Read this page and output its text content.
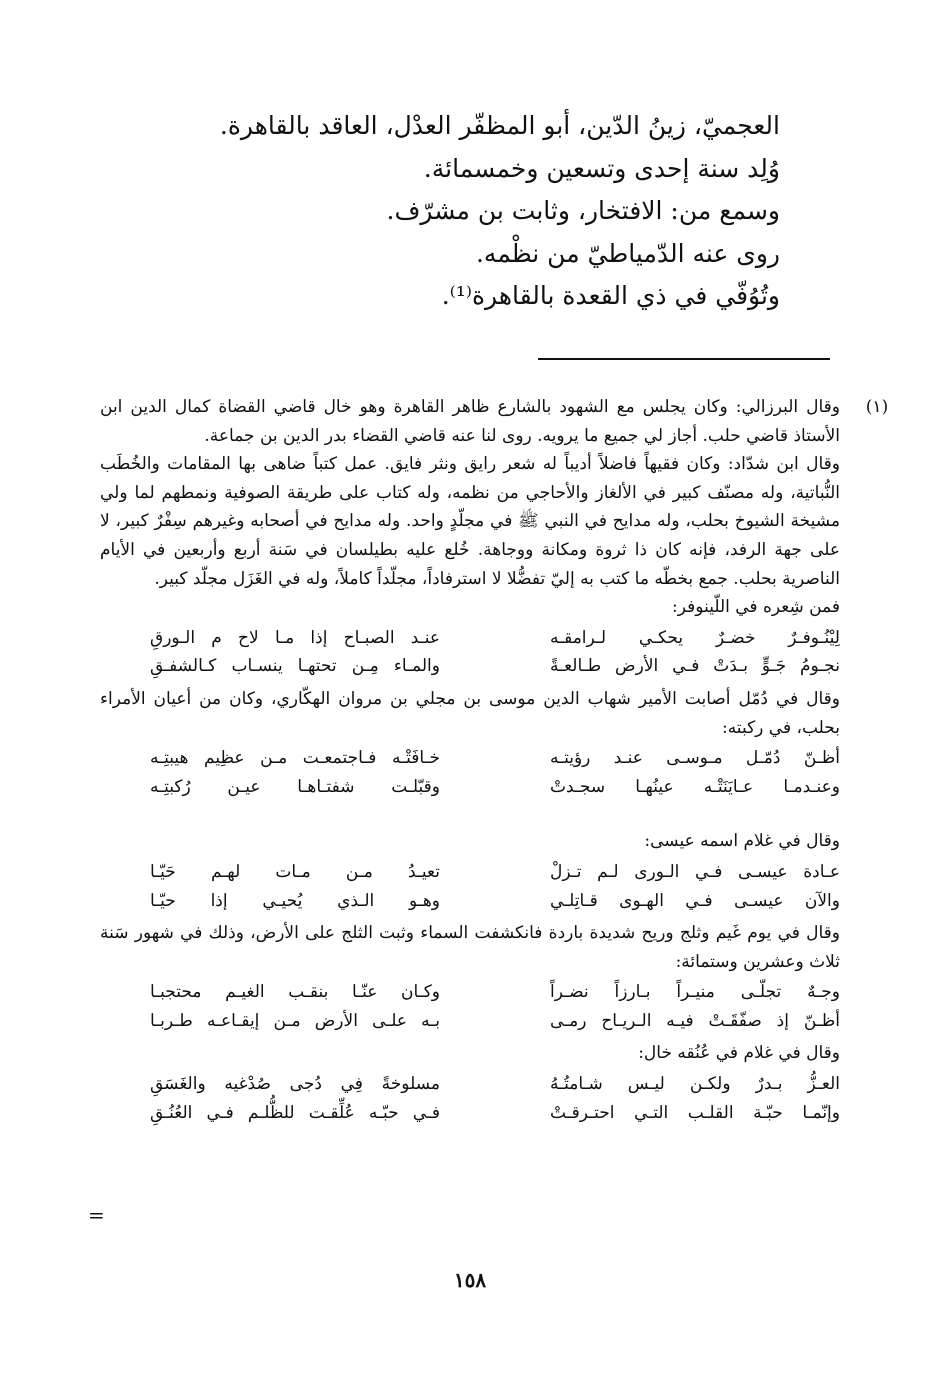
العجميّ، زينُ الدّين، أبو المظفّر العدْل، العاقد بالقاهرة.
وُلِد سنة إحدى وتسعين وخمسمائة.
وسمع من: الافتخار، وثابت بن مشرّف.
روى عنه الدّمياطيّ من نظْمه.
وتُوُفّي في ذي القعدة بالقاهرة⁽¹⁾.
(١)

وقال البرزالي: وكان يجلس مع الشهود بالشارع ظاهر القاهرة وهو خال قاضي القضاة كمال الدين ابن الأستاذ قاضي حلب. أجاز لي جميع ما يرويه. روى لنا عنه قاضي القضاء بدر الدين بن جماعة.

وقال ابن شدّاد: وكان فقيهاً فاضلاً أديباً له شعر رايق ونثر فايق. عمل كتباً ضاهى بها المقامات والخُطَب النُّباتية، وله مصنّف كبير في الألغاز والأحاجي من نظمه، وله كتاب على طريقة الصوفية ونمطهم لما ولي مشيخة الشيوخ بحلب، وله مدايح في النبي ﷺ في مجلّدٍ واحد. وله مدايح في أصحابه وغيرهم سِفْرٌ كبير، لا على جهة الرفد، فإنه كان ذا ثروة ومكانة ووجاهة. خُلع عليه بطيلسان في سَنة أربع وأربعين في الأيام الناصرية بحلب. جمع بخطّه ما كتب به إليّ تفضُّلا لا استرفاداً، مجلّداً كاملاً، وله في الغَزَل مجلّد كبير.

فمن شِعره في اللّينوفر:

لِيْنُـوفـرٌ خضـرٌ يحكـي لـرامقـه
عنـد الصبـاح إذا مـا لاح م الـورقِ
نجـومُ جَـوٍّ بـدَتْ فـي الأرض طـالعـةً
والمـاء مِـن تحتهـا ينسـاب كـالشفـقِ

وقال في دُمّل أصابت الأمير شهاب الدين موسى بن مجلي بن مروان الهكّاري، وكان من أعيان الأمراء بحلب، في ركبته:

أظـنّ دُمّـل مـوسـى عنـد رؤيتـه
خـافَتْـه فـاجتمعـت مـن عظِيم هيبتِـه
وعنـدمـا عـايَنَتْـه عينُهـا سجـدتْ
وقبّلـت شفتـاهـا عيـن رُكبتِـه

وقال في غلام اسمه عيسى:

عـادة عيسـى فـي الـورى لـم تـزلْ
تعيـدُ مـن مـات لهـم حَيّـا
والآن عيسـى فـي الهـوى قـاتِلـي
وهـو الـذي يُحيـي إذا حيّـا

وقال في يوم غَيم وثلج وريح شديدة باردة فانكشفت السماء وثبت الثلج على الأرض، وذلك في شهور سَنة ثلاث وعشرين وستمائة:

وجـهٌ تجلّـى منيـراً بـارزاً نضـراً
وكـان عنّـا بنقـب الغيـم محتجبـا
أظـنّ إذ صفّقَـتْ فيـه الـريـاح رمـى
بـه علـى الأرض مـن إيقـاعـه طـربـا

وقال في غلام في عُنُقه خال:

العـزُّ بـدرٌ ولكـن ليـس شـامتُـهُ
مسلوخةً فِي دُجى صُدْغيه والغَسَقِ
وإنّمـا حبّـة القلـب التـي احتـرقـتْ
فـي حبّـه عُلِّقـت للظُّلـم فـي العُنُـقِ
=
١٥٨
